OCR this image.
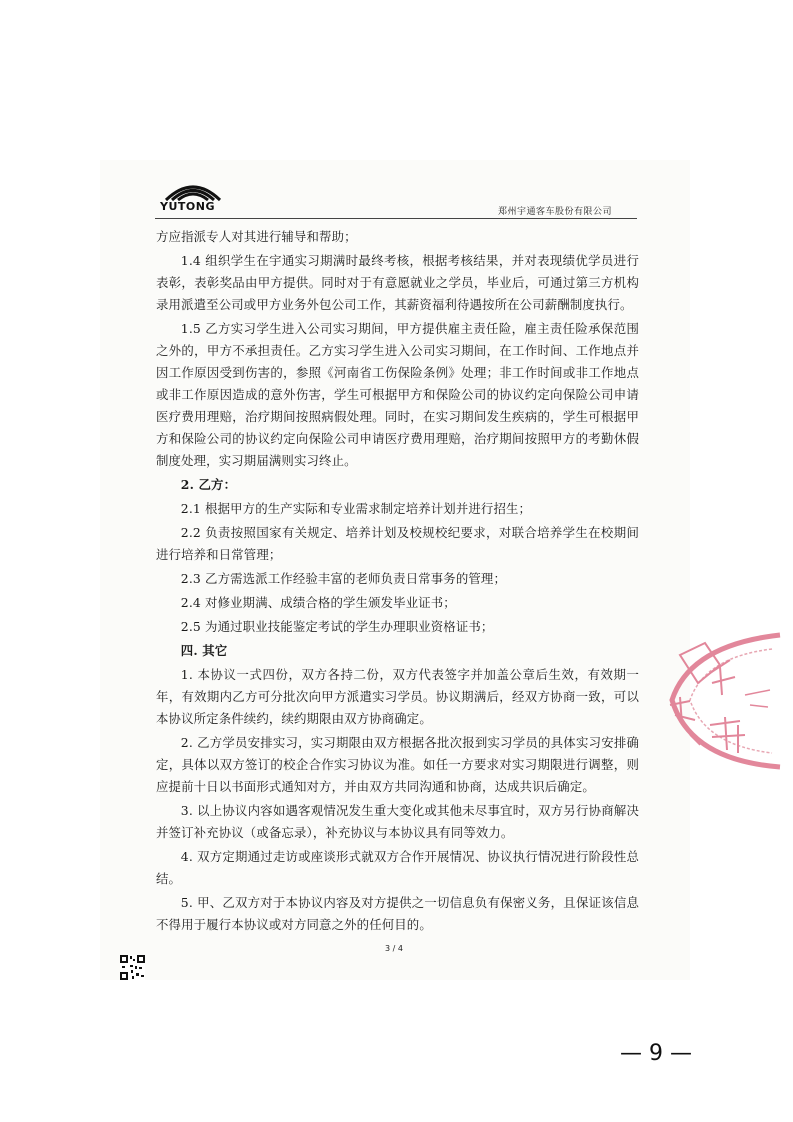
YUTONG	郑州宇通客车股份有限公司

方应指派专人对其进行辅导和帮助；

1.4 组织学生在宇通实习期满时最终考核，根据考核结果，并对表现绩优学员进行表彰，表彰奖品由甲方提供。同时对于有意愿就业之学员，毕业后，可通过第三方机构录用派遣至公司或甲方业务外包公司工作，其薪资福利待遇按所在公司薪酬制度执行。

1.5 乙方实习学生进入公司实习期间，甲方提供雇主责任险，雇主责任险承保范围之外的，甲方不承担责任。乙方实习学生进入公司实习期间，在工作时间、工作地点并因工作原因受到伤害的，参照《河南省工伤保险条例》处理；非工作时间或非工作地点或非工作原因造成的意外伤害，学生可根据甲方和保险公司的协议约定向保险公司申请医疗费用理赔，治疗期间按照病假处理。同时，在实习期间发生疾病的，学生可根据甲方和保险公司的协议约定向保险公司申请医疗费用理赔，治疗期间按照甲方的考勤休假制度处理，实习期届满则实习终止。

2. 乙方：

2.1 根据甲方的生产实际和专业需求制定培养计划并进行招生；

2.2 负责按照国家有关规定、培养计划及校规校纪要求，对联合培养学生在校期间进行培养和日常管理；

2.3 乙方需选派工作经验丰富的老师负责日常事务的管理；

2.4 对修业期满、成绩合格的学生颁发毕业证书；

2.5 为通过职业技能鉴定考试的学生办理职业资格证书；

四. 其它

1. 本协议一式四份，双方各持二份，双方代表签字并加盖公章后生效，有效期一年，有效期内乙方可分批次向甲方派遣实习学员。协议期满后，经双方协商一致，可以本协议所定条件续约，续约期限由双方协商确定。

2. 乙方学员安排实习，实习期限由双方根据各批次报到实习学员的具体实习安排确定，具体以双方签订的校企合作实习协议为准。如任一方要求对实习期限进行调整，则应提前十日以书面形式通知对方，并由双方共同沟通和协商，达成共识后确定。

3. 以上协议内容如遇客观情况发生重大变化或其他未尽事宜时，双方另行协商解决并签订补充协议（或备忘录），补充协议与本协议具有同等效力。

4. 双方定期通过走访或座谈形式就双方合作开展情况、协议执行情况进行阶段性总结。

5. 甲、乙双方对于本协议内容及对方提供之一切信息负有保密义务，且保证该信息不得用于履行本协议或对方同意之外的任何目的。

3 / 4
— 9 —
